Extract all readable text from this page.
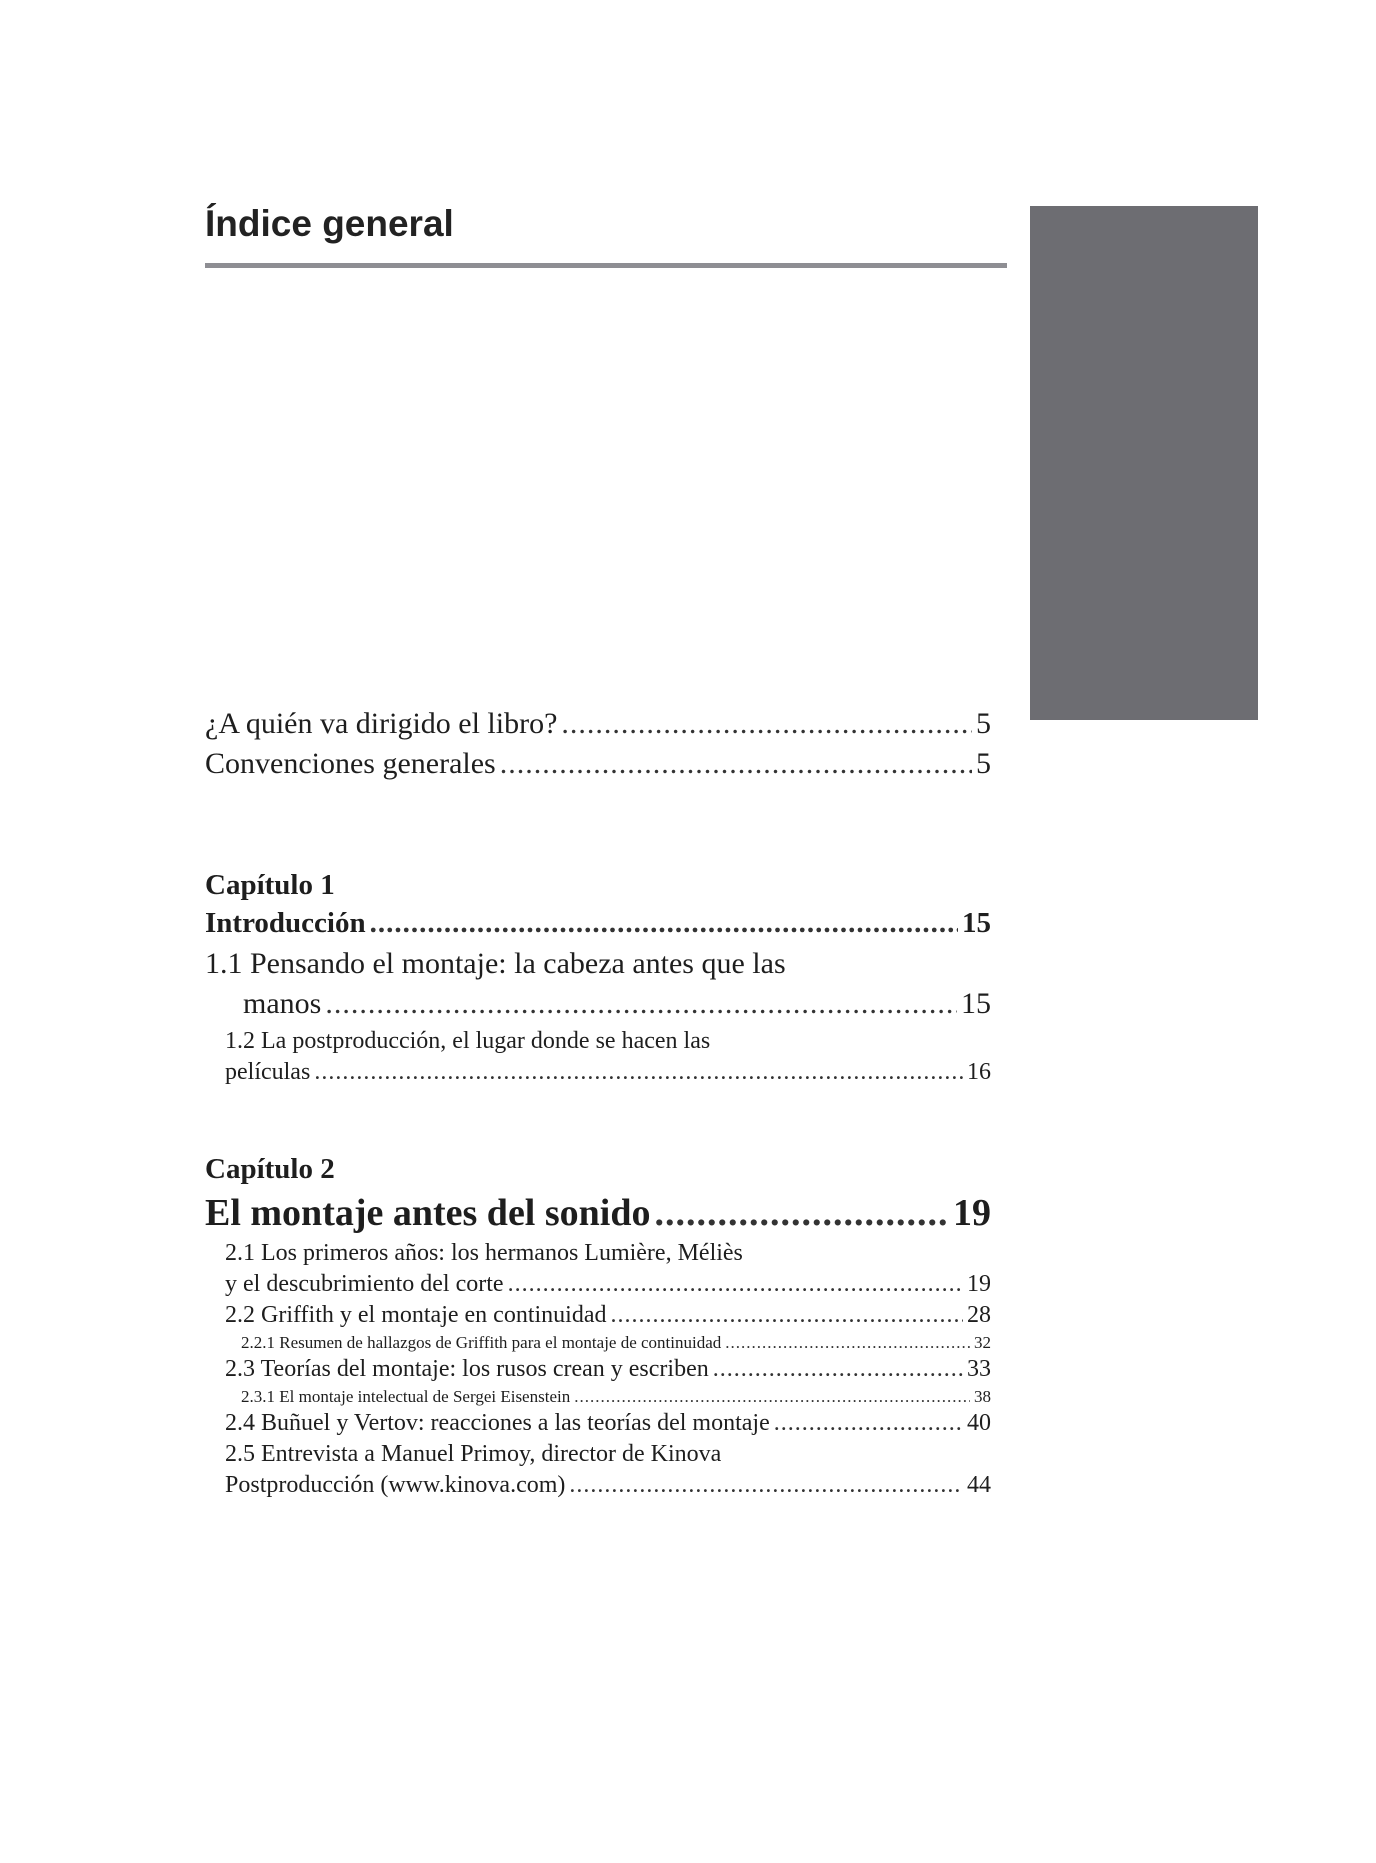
Índice general
¿A quién va dirigido el libro? .....	5
Convenciones generales .....	5
Capítulo 1
Introducción .....	15
1.1 Pensando el montaje: la cabeza antes que las
manos .....	15
1.2 La postproducción, el lugar donde se hacen las
películas .....	16
Capítulo 2
El montaje antes del sonido .....	19
2.1 Los primeros años: los hermanos Lumière, Méliès
y el descubrimiento del corte .....	19
2.2 Griffith y el montaje en continuidad .....	28
2.2.1 Resumen de hallazgos de Griffith para el montaje de continuidad .....	32
2.3 Teorías del montaje: los rusos crean y escriben .....	33
2.3.1 El montaje intelectual de Sergei Eisenstein .....	38
2.4 Buñuel y Vertov: reacciones a las teorías del montaje .....	40
2.5 Entrevista a Manuel Primoy, director de Kinova
Postproducción (www.kinova.com) .....	44
